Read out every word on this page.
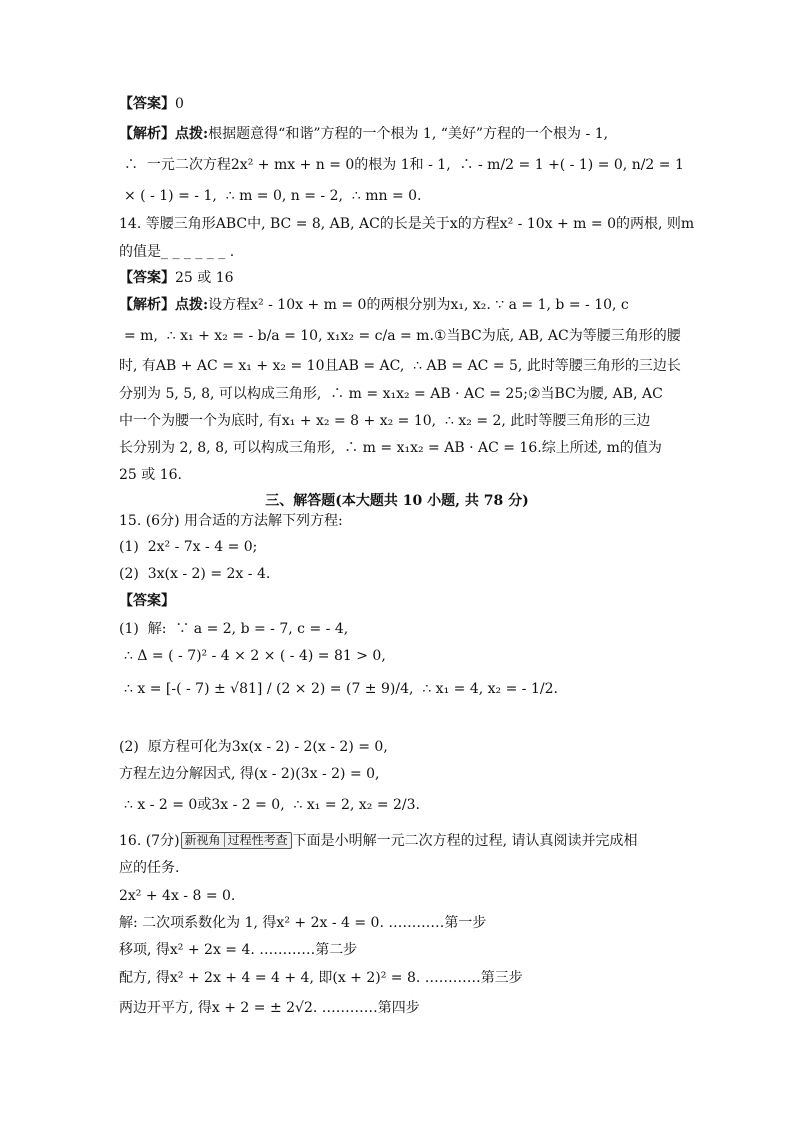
【答案】0
【解析】点拨:根据题意得“和谐”方程的一个根为 1, “美好”方程的一个根为 - 1,
∴  一元二次方程2x² + mx + n = 0的根为 1和 - 1,  ∴ - m/2 = 1 +( - 1) = 0, n/2 = 1
× ( - 1) = - 1,  ∴ m = 0, n = - 2,  ∴ mn = 0.
14. 等腰三角形ABC中, BC = 8, AB, AC的长是关于x的方程x² - 10x + m = 0的两根, 则m
的值是_ _ _ _ _ _ .
【答案】25 或 16
【解析】点拨:设方程x² - 10x + m = 0的两根分别为x₁, x₂. ∵ a = 1, b = - 10, c
= m,  ∴ x₁ + x₂ = - b/a = 10, x₁x₂ = c/a = m.①当BC为底, AB, AC为等腰三角形的腰
时, 有AB + AC = x₁ + x₂ = 10且AB = AC,  ∴ AB = AC = 5, 此时等腰三角形的三边长
分别为 5, 5, 8, 可以构成三角形,  ∴ m = x₁x₂ = AB · AC = 25;②当BC为腰, AB, AC
中一个为腰一个为底时, 有x₁ + x₂ = 8 + x₂ = 10,  ∴ x₂ = 2, 此时等腰三角形的三边
长分别为 2, 8, 8, 可以构成三角形,  ∴ m = x₁x₂ = AB · AC = 16.综上所述, m的值为
25 或 16.
三、解答题(本大题共 10 小题, 共 78 分)
15. (6分) 用合适的方法解下列方程:
(1)  2x² - 7x - 4 = 0;
(2)  3x(x - 2) = 2x - 4.
【答案】
(1)  解:  ∵ a = 2, b = - 7, c = - 4,
∴ Δ = ( - 7)² - 4 × 2 × ( - 4) = 81 > 0,
∴ x = [-( - 7) ± √81] / (2 × 2) = (7 ± 9)/4,  ∴ x₁ = 4, x₂ = - 1/2.
(2)  原方程可化为3x(x - 2) - 2(x - 2) = 0,
方程左边分解因式, 得(x - 2)(3x - 2) = 0,
∴ x - 2 = 0或3x - 2 = 0,  ∴ x₁ = 2, x₂ = 2/3.
16. (7分) 新视角 过程性考查 下面是小明解一元二次方程的过程, 请认真阅读并完成相
应的任务.
2x² + 4x - 8 = 0.
解: 二次项系数化为 1, 得x² + 2x - 4 = 0. …………第一步
移项, 得x² + 2x = 4. …………第二步
配方, 得x² + 2x + 4 = 4 + 4, 即(x + 2)² = 8. …………第三步
两边开平方, 得x + 2 = ± 2√2. …………第四步
